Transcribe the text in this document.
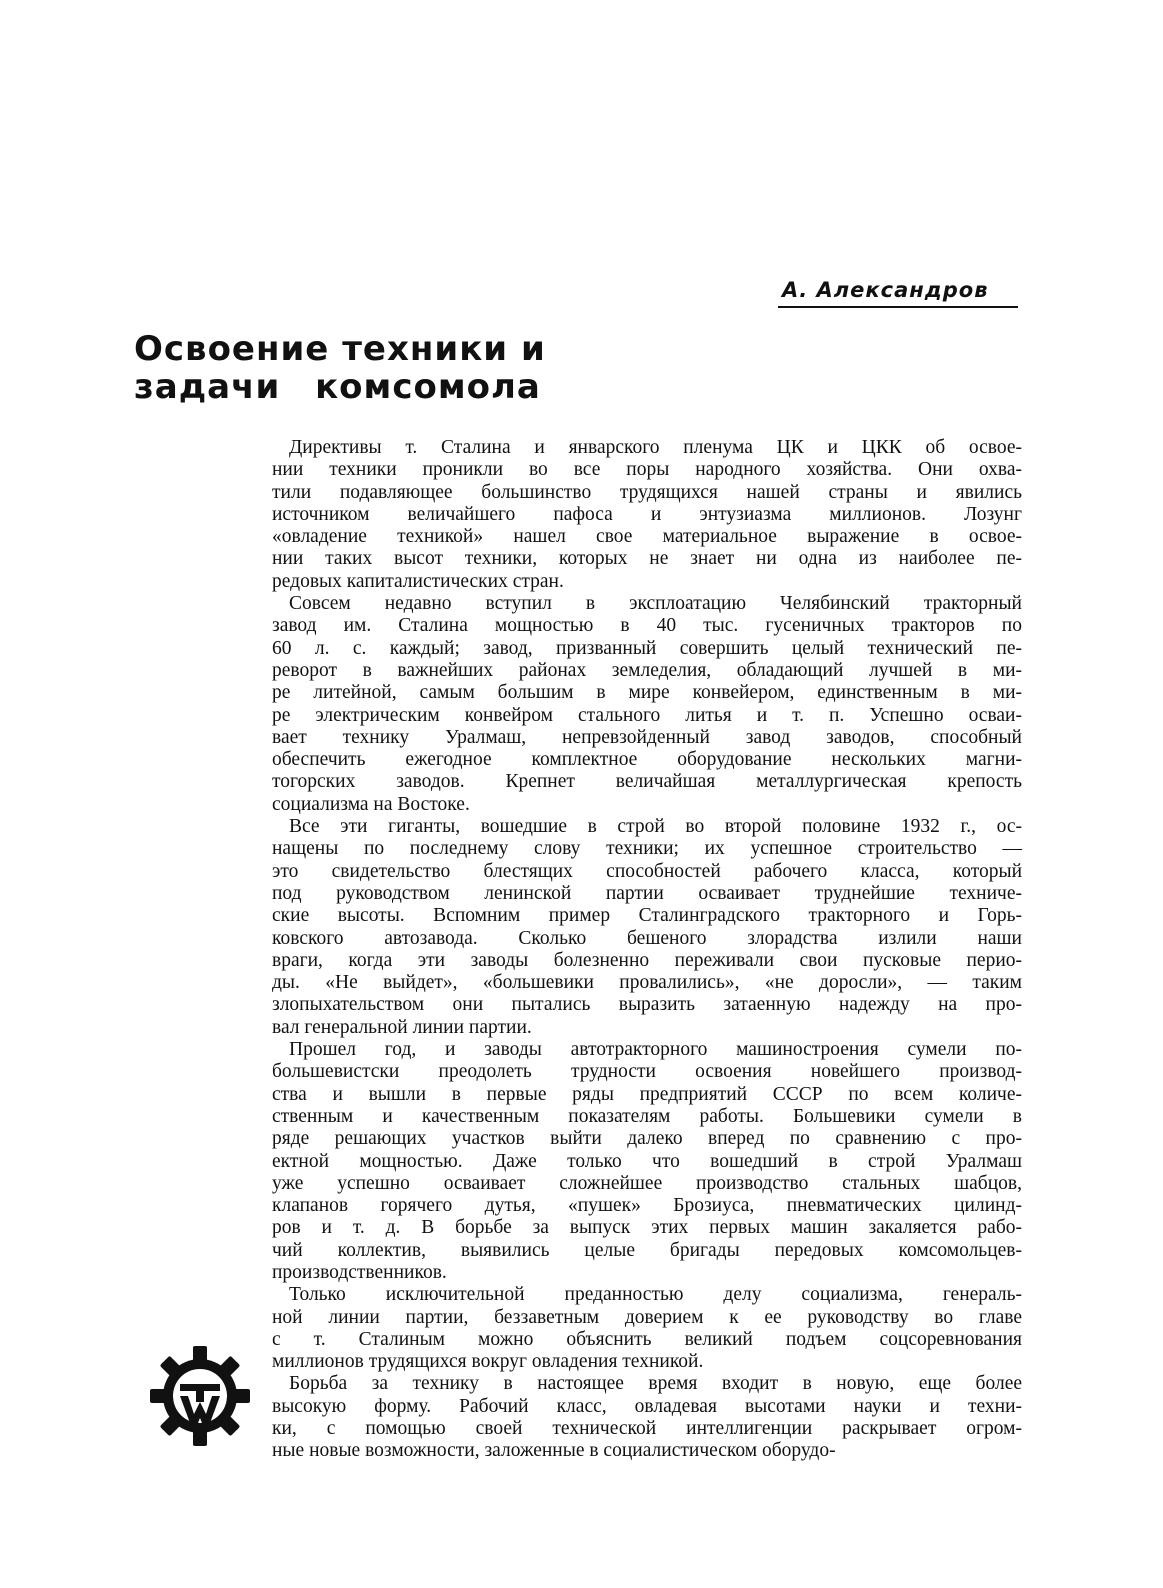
А. Александров
Освоение техники и
задачи комсомола
Директивы т. Сталина и январского пленума ЦК и ЦКК об освое-
нии техники проникли во все поры народного хозяйства. Они охва-
тили подавляющее большинство трудящихся нашей страны и явились
источником величайшего пафоса и энтузиазма миллионов. Лозунг
«овладение техникой» нашел свое материальное выражение в освое-
нии таких высот техники, которых не знает ни одна из наиболее пе-
редовых капиталистических стран.
Совсем недавно вступил в эксплоатацию Челябинский тракторный
завод им. Сталина мощностью в 40 тыс. гусеничных тракторов по
60 л. с. каждый; завод, призванный совершить целый технический пе-
реворот в важнейших районах земледелия, обладающий лучшей в ми-
ре литейной, самым большим в мире конвейером, единственным в ми-
ре электрическим конвейром стального литья и т. п. Успешно осваи-
вает технику Уралмаш, непревзойденный завод заводов, способный
обеспечить ежегодное комплектное оборудование нескольких магни-
тогорских заводов. Крепнет величайшая металлургическая крепость
социализма на Востоке.
Все эти гиганты, вошедшие в строй во второй половине 1932 г., ос-
нащены по последнему слову техники; их успешное строительство —
это свидетельство блестящих способностей рабочего класса, который
под руководством ленинской партии осваивает труднейшие техниче-
ские высоты. Вспомним пример Сталинградского тракторного и Горь-
ковского автозавода. Сколько бешеного злорадства излили наши
враги, когда эти заводы болезненно переживали свои пусковые перио-
ды. «Не выйдет», «большевики провалились», «не доросли», — таким
злопыхательством они пытались выразить затаенную надежду на про-
вал генеральной линии партии.
Прошел год, и заводы автотракторного машиностроения сумели по-
большевистски преодолеть трудности освоения новейшего производ-
ства и вышли в первые ряды предприятий СССР по всем количе-
ственным и качественным показателям работы. Большевики сумели в
ряде решающих участков выйти далеко вперед по сравнению с про-
ектной мощностью. Даже только что вошедший в строй Уралмаш
уже успешно осваивает сложнейшее производство стальных шабцов,
клапанов горячего дутья, «пушек» Брозиуса, пневматических цилинд-
ров и т. д. В борьбе за выпуск этих первых машин закаляется рабо-
чий коллектив, выявились целые бригады передовых комсомольцев-
производственников.
Только исключительной преданностью делу социализма, генераль-
ной линии партии, беззаветным доверием к ее руководству во главе
с т. Сталиным можно объяснить великий подъем соцсоревнования
миллионов трудящихся вокруг овладения техникой.
Борьба за технику в настоящее время входит в новую, еще более
высокую форму. Рабочий класс, овладевая высотами науки и техни-
ки, с помощью своей технической интеллигенции раскрывает огром-
ные новые возможности, заложенные в социалистическом оборудо-
